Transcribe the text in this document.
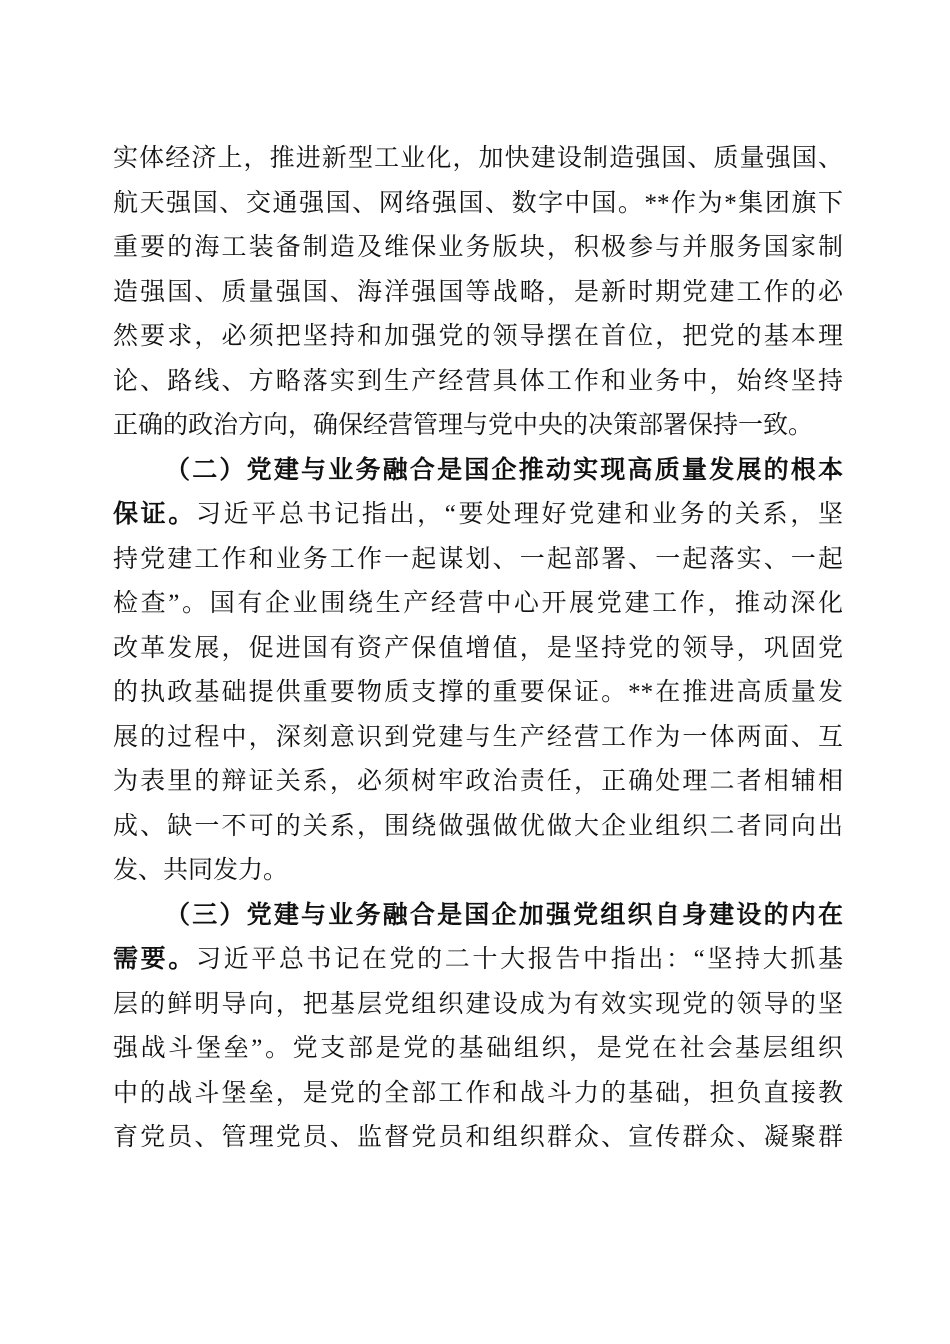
实体经济上，推进新型工业化，加快建设制造强国、质量强国、
航天强国、交通强国、网络强国、数字中国。**作为*集团旗下
重要的海工装备制造及维保业务版块，积极参与并服务国家制
造强国、质量强国、海洋强国等战略，是新时期党建工作的必
然要求，必须把坚持和加强党的领导摆在首位，把党的基本理
论、路线、方略落实到生产经营具体工作和业务中，始终坚持
正确的政治方向，确保经营管理与党中央的决策部署保持一致。
（二）党建与业务融合是国企推动实现高质量发展的根本
保证。习近平总书记指出，“要处理好党建和业务的关系，坚
持党建工作和业务工作一起谋划、一起部署、一起落实、一起
检查”。国有企业围绕生产经营中心开展党建工作，推动深化
改革发展，促进国有资产保值增值，是坚持党的领导，巩固党
的执政基础提供重要物质支撑的重要保证。**在推进高质量发
展的过程中，深刻意识到党建与生产经营工作为一体两面、互
为表里的辩证关系，必须树牢政治责任，正确处理二者相辅相
成、缺一不可的关系，围绕做强做优做大企业组织二者同向出
发、共同发力。
（三）党建与业务融合是国企加强党组织自身建设的内在
需要。习近平总书记在党的二十大报告中指出：“坚持大抓基
层的鲜明导向，把基层党组织建设成为有效实现党的领导的坚
强战斗堡垒”。党支部是党的基础组织，是党在社会基层组织
中的战斗堡垒，是党的全部工作和战斗力的基础，担负直接教
育党员、管理党员、监督党员和组织群众、宣传群众、凝聚群
